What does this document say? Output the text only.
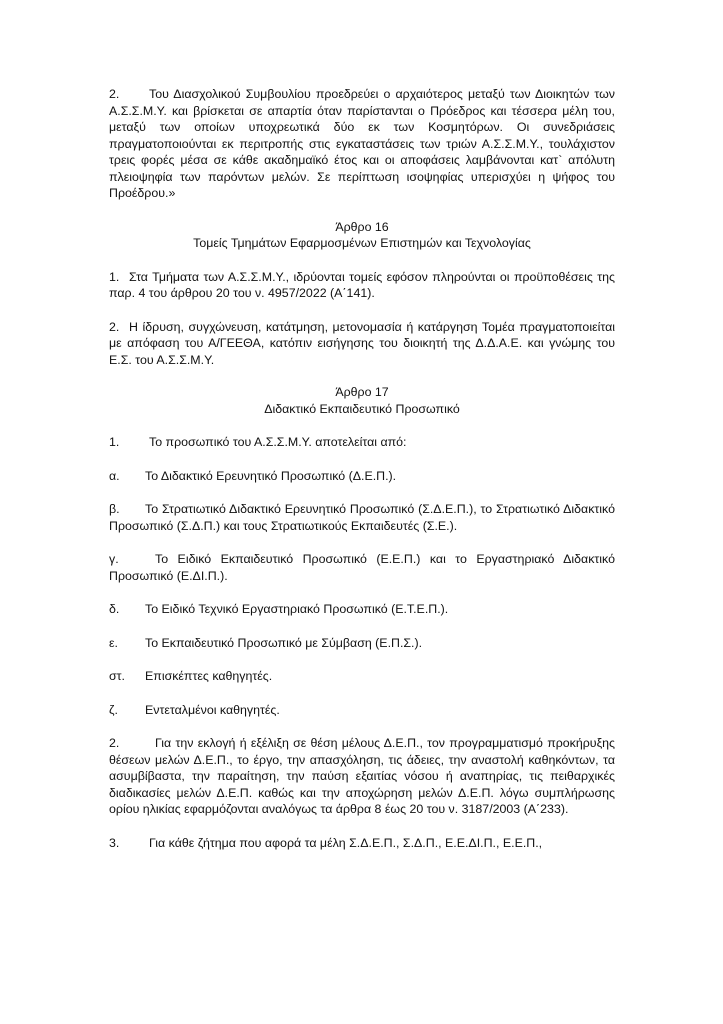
2. Του Διασχολικού Συμβουλίου προεδρεύει ο αρχαιότερος μεταξύ των Διοικητών των Α.Σ.Σ.Μ.Υ. και βρίσκεται σε απαρτία όταν παρίστανται ο Πρόεδρος και τέσσερα μέλη του, μεταξύ των οποίων υποχρεωτικά δύο εκ των Κοσμητόρων. Οι συνεδριάσεις πραγματοποιούνται εκ περιτροπής στις εγκαταστάσεις των τριών Α.Σ.Σ.Μ.Υ., τουλάχιστον τρεις φορές μέσα σε κάθε ακαδημαϊκό έτος και οι αποφάσεις λαμβάνονται κατ` απόλυτη πλειοψηφία των παρόντων μελών. Σε περίπτωση ισοψηφίας υπερισχύει η ψήφος του Προέδρου.»

Άρθρο 16

Τομείς Τμημάτων Εφαρμοσμένων Επιστημών και Τεχνολογίας

1. Στα Τμήματα των Α.Σ.Σ.Μ.Υ., ιδρύονται τομείς εφόσον πληρούνται οι προϋποθέσεις της παρ. 4 του άρθρου 20 του ν. 4957/2022 (Α΄141).

2. Η ίδρυση, συγχώνευση, κατάτμηση, μετονομασία ή κατάργηση Τομέα πραγματοποιείται με απόφαση του Α/ΓΕΕΘΑ, κατόπιν εισήγησης του διοικητή της Δ.Δ.Α.Ε. και γνώμης του Ε.Σ. του Α.Σ.Σ.Μ.Υ.

Άρθρο 17

Διδακτικό Εκπαιδευτικό Προσωπικό

1. Το προσωπικό του Α.Σ.Σ.Μ.Υ. αποτελείται από:

α. Το Διδακτικό Ερευνητικό Προσωπικό (Δ.Ε.Π.).

β. Το Στρατιωτικό Διδακτικό Ερευνητικό Προσωπικό (Σ.Δ.Ε.Π.), το Στρατιωτικό Διδακτικό Προσωπικό (Σ.Δ.Π.) και τους Στρατιωτικούς Εκπαιδευτές (Σ.Ε.).

γ.	Το Ειδικό Εκπαιδευτικό Προσωπικό (Ε.Ε.Π.) και το Εργαστηριακό Διδακτικό Προσωπικό (Ε.ΔΙ.Π.).

δ. Το Ειδικό Τεχνικό Εργαστηριακό Προσωπικό (Ε.Τ.Ε.Π.).

ε. Το Εκπαιδευτικό Προσωπικό με Σύμβαση (Ε.Π.Σ.).

στ. Επισκέπτες καθηγητές.

ζ. Εντεταλμένοι καθηγητές.

2.	Για την εκλογή ή εξέλιξη σε θέση μέλους Δ.Ε.Π., τον προγραμματισμό προκήρυξης θέσεων μελών Δ.Ε.Π., το έργο, την απασχόληση, τις άδειες, την αναστολή καθηκόντων, τα ασυμβίβαστα, την παραίτηση, την παύση εξαιτίας νόσου ή αναπηρίας, τις πειθαρχικές διαδικασίες μελών Δ.Ε.Π. καθώς και την αποχώρηση μελών Δ.Ε.Π. λόγω συμπλήρωσης ορίου ηλικίας εφαρμόζονται αναλόγως τα άρθρα 8 έως 20 του ν. 3187/2003 (Α΄233).

3. Για κάθε ζήτημα που αφορά τα μέλη Σ.Δ.Ε.Π., Σ.Δ.Π., Ε.Ε.ΔΙ.Π., Ε.Ε.Π.,
